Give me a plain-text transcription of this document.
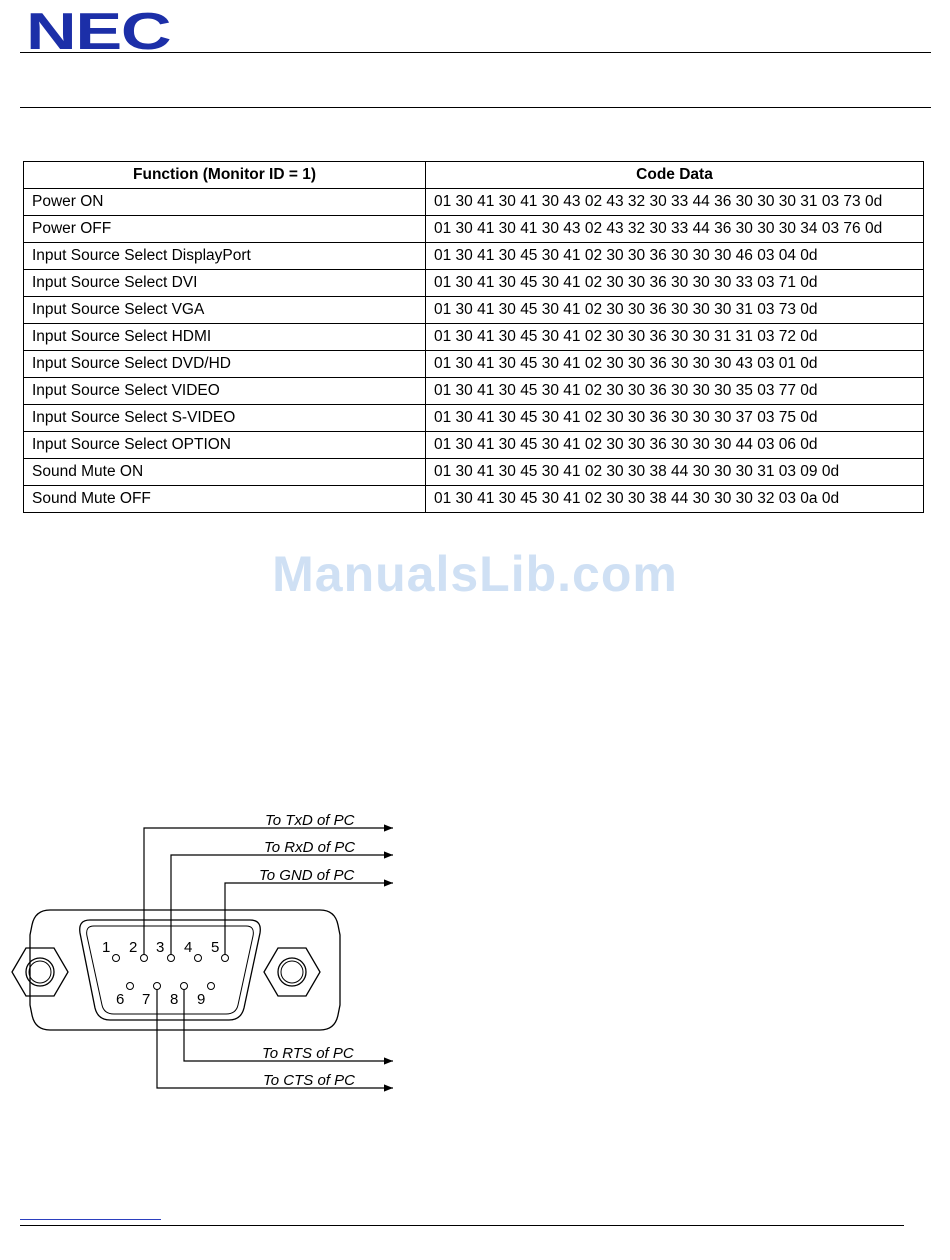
NEC
Function (Monitor ID = 1)	Code Data
Power ON	01 30 41 30 41 30 43 02 43 32 30 33 44 36 30 30 30 31 03 73 0d
Power OFF	01 30 41 30 41 30 43 02 43 32 30 33 44 36 30 30 30 34 03 76 0d
Input Source Select DisplayPort	01 30 41 30 45 30 41 02 30 30 36 30 30 30 46 03 04 0d
Input Source Select DVI	01 30 41 30 45 30 41 02 30 30 36 30 30 30 33 03 71 0d
Input Source Select VGA	01 30 41 30 45 30 41 02 30 30 36 30 30 30 31 03 73 0d
Input Source Select HDMI	01 30 41 30 45 30 41 02 30 30 36 30 30 31 31 03 72 0d
Input Source Select DVD/HD	01 30 41 30 45 30 41 02 30 30 36 30 30 30 43 03 01 0d
Input Source Select VIDEO	01 30 41 30 45 30 41 02 30 30 36 30 30 30 35 03 77 0d
Input Source Select S-VIDEO	01 30 41 30 45 30 41 02 30 30 36 30 30 30 37 03 75 0d
Input Source Select OPTION	01 30 41 30 45 30 41 02 30 30 36 30 30 30 44 03 06 0d
Sound Mute ON	01 30 41 30 45 30 41 02 30 30 38 44 30 30 30 31 03 09 0d
Sound Mute OFF	01 30 41 30 45 30 41 02 30 30 38 44 30 30 30 32 03 0a 0d
ManualsLib.com
1 2 3 4 5
6 7 8 9
To TxD of PC
To RxD of PC
To GND of PC
To RTS of PC
To CTS of PC
